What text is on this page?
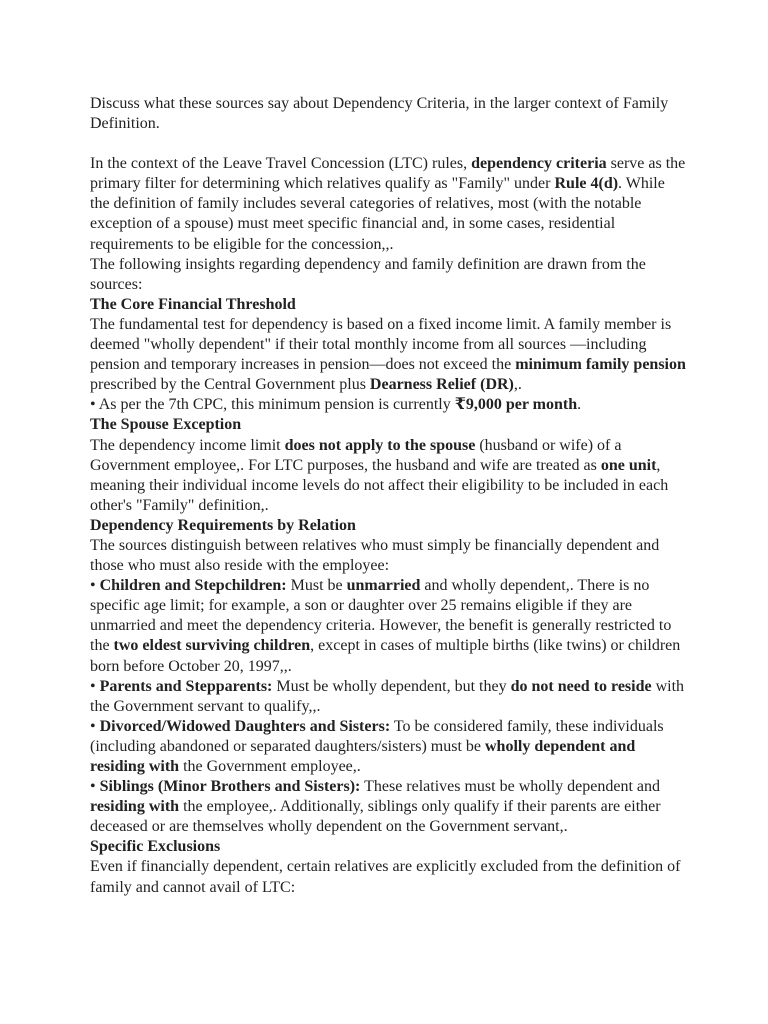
Discuss what these sources say about Dependency Criteria, in the larger context of Family Definition.

In the context of the Leave Travel Concession (LTC) rules, dependency criteria serve as the primary filter for determining which relatives qualify as "Family" under Rule 4(d). While the definition of family includes several categories of relatives, most (with the notable exception of a spouse) must meet specific financial and, in some cases, residential requirements to be eligible for the concession,,.

The following insights regarding dependency and family definition are drawn from the sources:

The Core Financial Threshold

The fundamental test for dependency is based on a fixed income limit. A family member is deemed "wholly dependent" if their total monthly income from all sources —including pension and temporary increases in pension—does not exceed the minimum family pension prescribed by the Central Government plus Dearness Relief (DR),.

• As per the 7th CPC, this minimum pension is currently ₹9,000 per month.

The Spouse Exception

The dependency income limit does not apply to the spouse (husband or wife) of a Government employee,. For LTC purposes, the husband and wife are treated as one unit, meaning their individual income levels do not affect their eligibility to be included in each other's "Family" definition,.

Dependency Requirements by Relation

The sources distinguish between relatives who must simply be financially dependent and those who must also reside with the employee:

• Children and Stepchildren: Must be unmarried and wholly dependent,. There is no specific age limit; for example, a son or daughter over 25 remains eligible if they are unmarried and meet the dependency criteria. However, the benefit is generally restricted to the two eldest surviving children, except in cases of multiple births (like twins) or children born before October 20, 1997,,.

• Parents and Stepparents: Must be wholly dependent, but they do not need to reside with the Government servant to qualify,,.

• Divorced/Widowed Daughters and Sisters: To be considered family, these individuals (including abandoned or separated daughters/sisters) must be wholly dependent and residing with the Government employee,.

• Siblings (Minor Brothers and Sisters): These relatives must be wholly dependent and residing with the employee,. Additionally, siblings only qualify if their parents are either deceased or are themselves wholly dependent on the Government servant,.

Specific Exclusions

Even if financially dependent, certain relatives are explicitly excluded from the definition of family and cannot avail of LTC:
